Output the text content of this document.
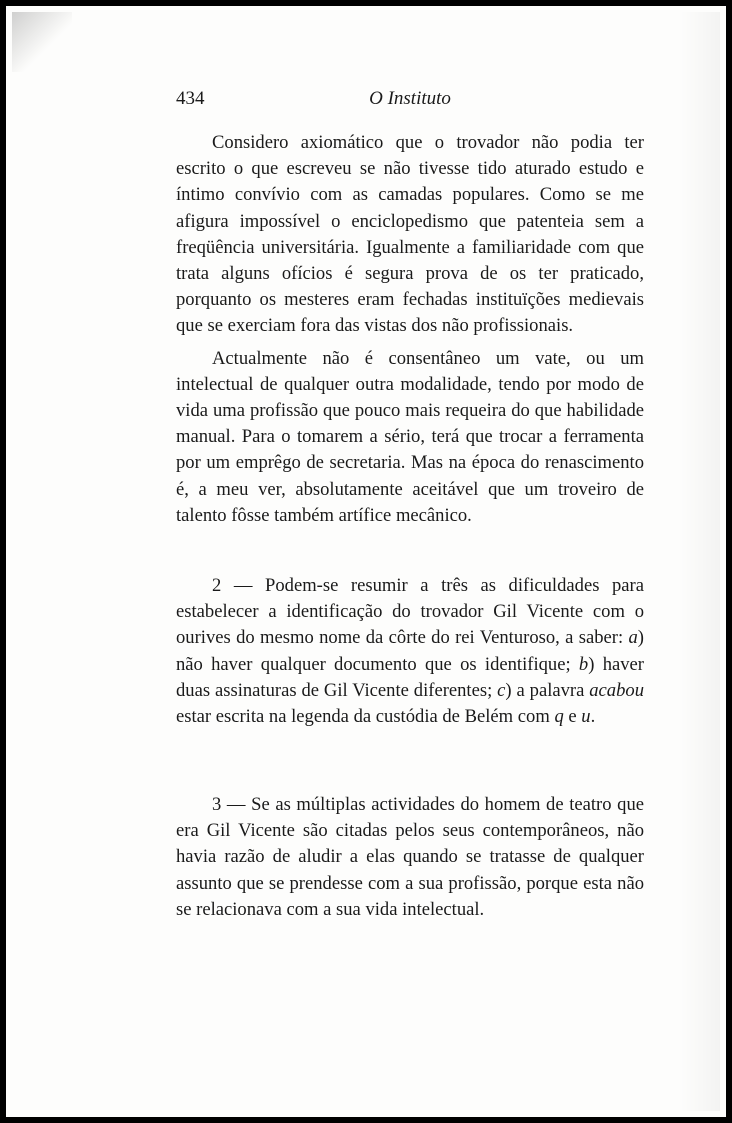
434	O Instituto

Considero axiomático que o trovador não podia ter escrito o que escreveu se não tivesse tido aturado estudo e íntimo convívio com as camadas populares. Como se me afigura impossível o enciclopedismo que patenteia sem a freqüência universitária. Igualmente a familiaridade com que trata alguns ofícios é segura prova de os ter praticado, porquanto os mesteres eram fechadas instituïções medievais que se exerciam fora das vistas dos não profissionais.

Actualmente não é consentâneo um vate, ou um intelectual de qualquer outra modalidade, tendo por modo de vida uma profissão que pouco mais requeira do que habilidade manual. Para o tomarem a sério, terá que trocar a ferramenta por um emprêgo de secretaria. Mas na época do renascimento é, a meu ver, absolutamente aceitável que um troveiro de talento fôsse também artífice mecânico.

2 — Podem-se resumir a três as dificuldades para estabelecer a identificação do trovador Gil Vicente com o ourives do mesmo nome da côrte do rei Venturoso, a saber: a) não haver qualquer documento que os identifique; b) haver duas assinaturas de Gil Vicente diferentes; c) a palavra acabou estar escrita na legenda da custódia de Belém com q e u.

3 — Se as múltiplas actividades do homem de teatro que era Gil Vicente são citadas pelos seus contemporâneos, não havia razão de aludir a elas quando se tratasse de qualquer assunto que se prendesse com a sua profissão, porque esta não se relacionava com a sua vida intelectual.
